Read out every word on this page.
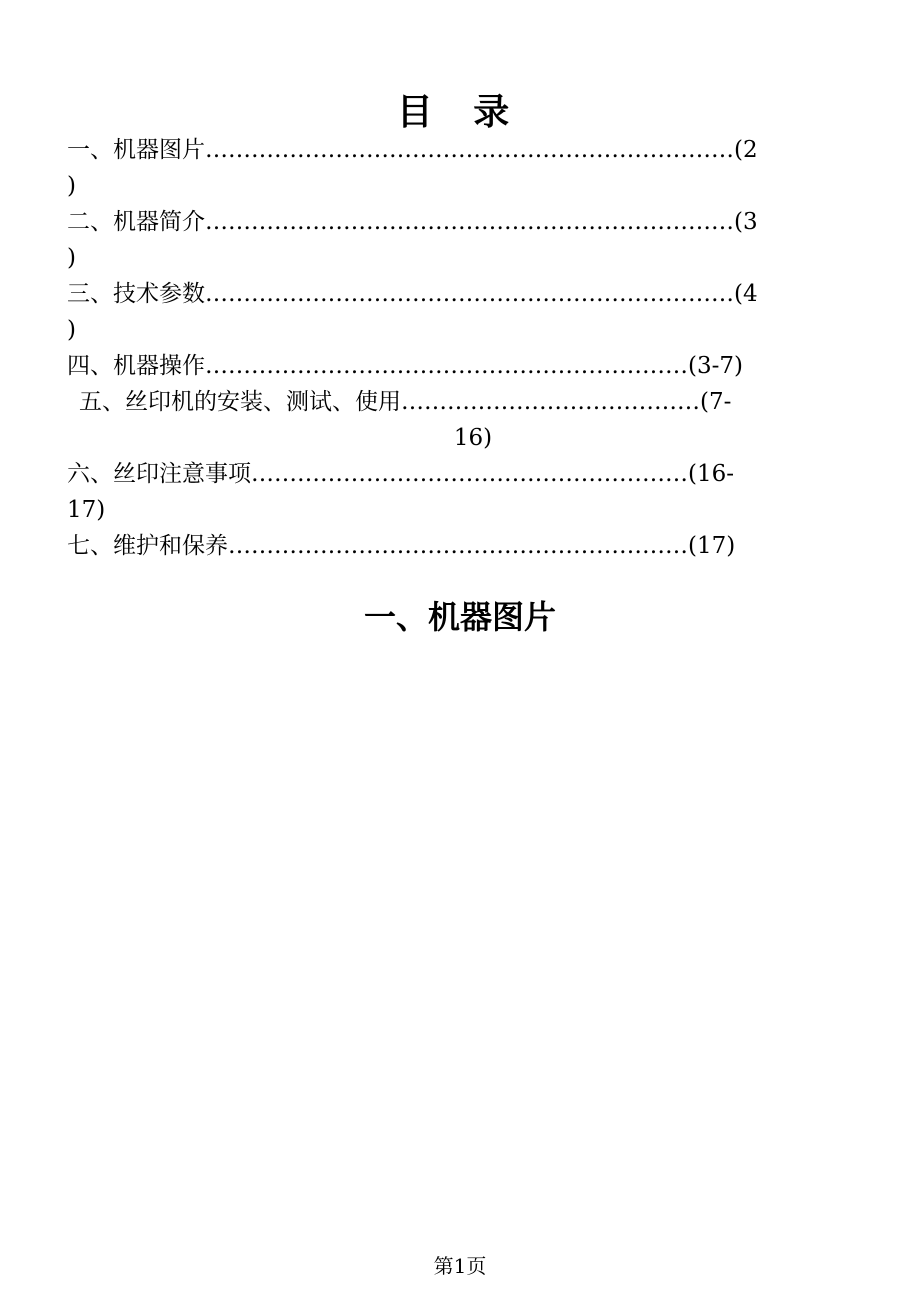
目 录
一、机器图片……………………………………………………………(2
)
二、机器简介……………………………………………………………(3
)
三、技术参数……………………………………………………………(4
)
四、机器操作………………………………………………………(3-7)
五、丝印机的安装、测试、使用…………………………………(7-
16)
六、丝印注意事项…………………………………………………(16-
17)
七、维护和保养……………………………………………………(17)
一、机器图片
第1页
